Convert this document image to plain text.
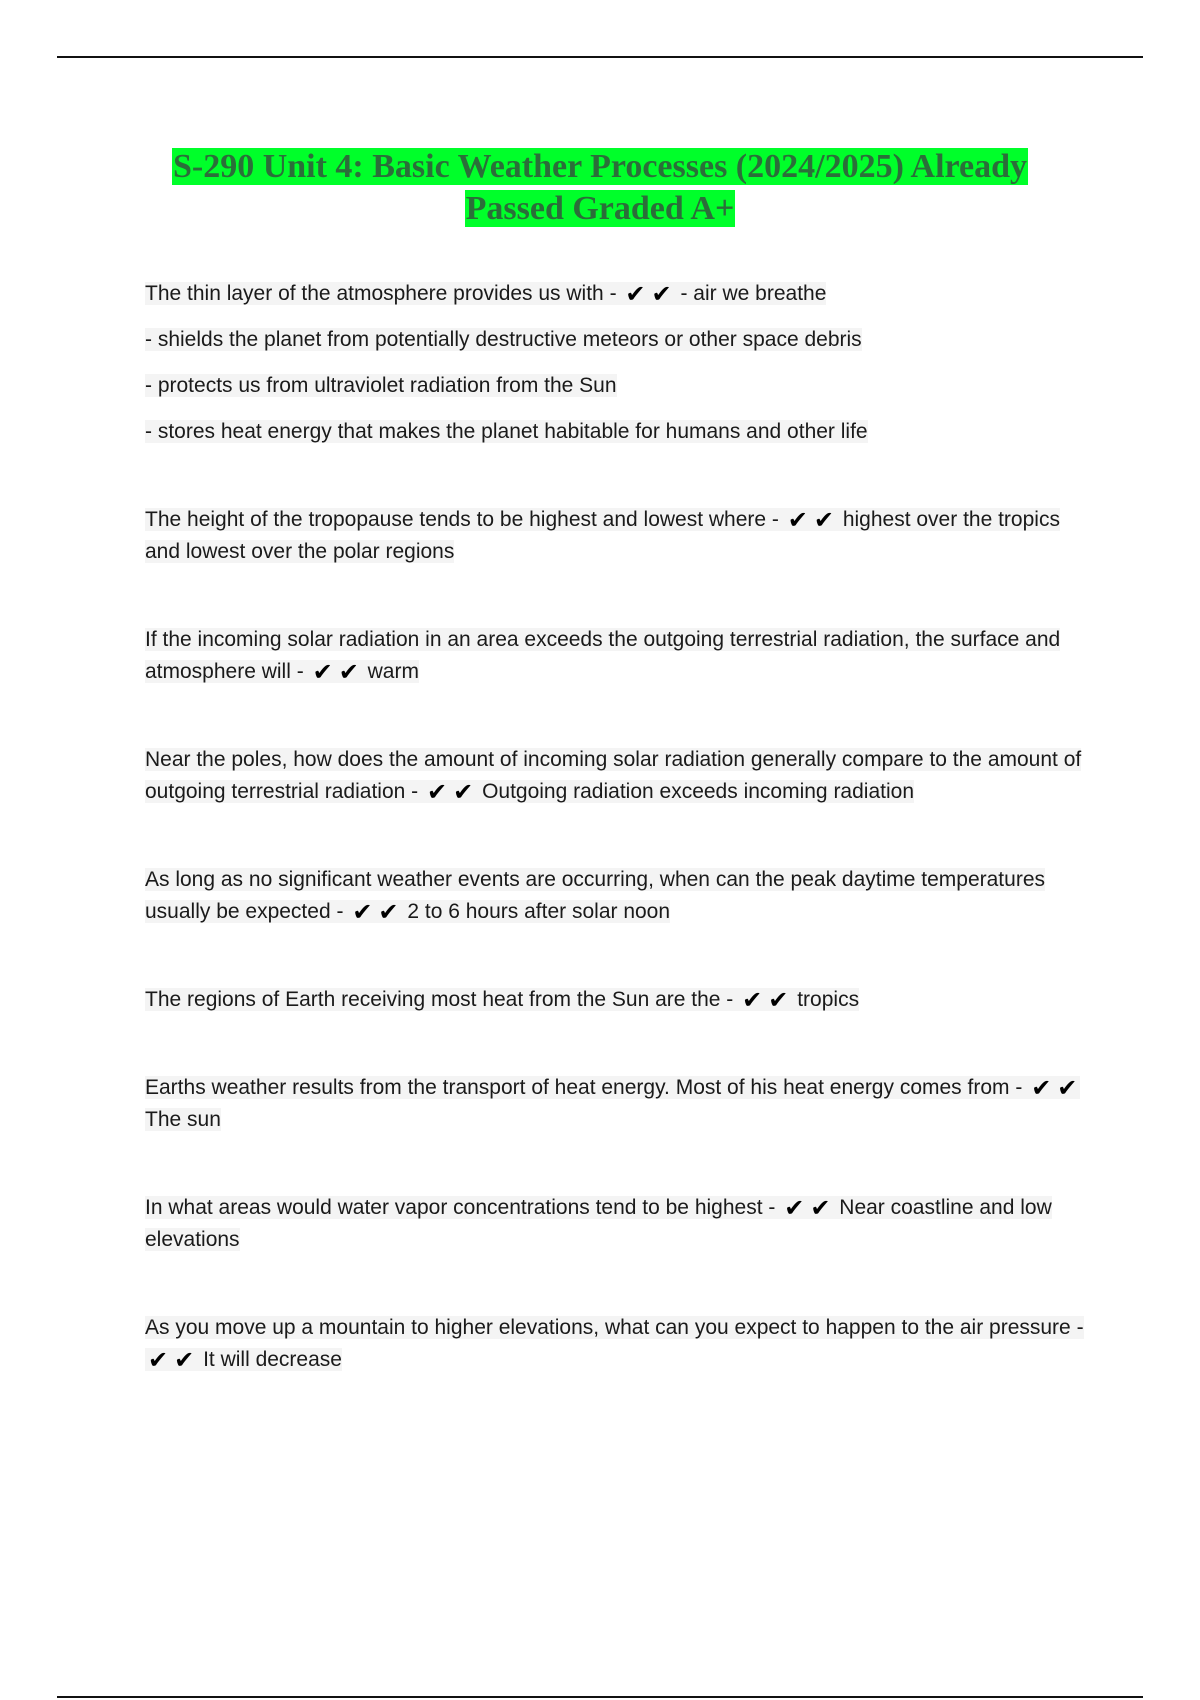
S-290 Unit 4: Basic Weather Processes (2024/2025) Already Passed Graded A+

The thin layer of the atmosphere provides us with - ✔ ✔ - air we breathe

- shields the planet from potentially destructive meteors or other space debris

- protects us from ultraviolet radiation from the Sun

- stores heat energy that makes the planet habitable for humans and other life

The height of the tropopause tends to be highest and lowest where - ✔ ✔ highest over the tropics and lowest over the polar regions

If the incoming solar radiation in an area exceeds the outgoing terrestrial radiation, the surface and atmosphere will - ✔ ✔ warm

Near the poles, how does the amount of incoming solar radiation generally compare to the amount of outgoing terrestrial radiation - ✔ ✔ Outgoing radiation exceeds incoming radiation

As long as no significant weather events are occurring, when can the peak daytime temperatures usually be expected - ✔ ✔ 2 to 6 hours after solar noon

The regions of Earth receiving most heat from the Sun are the - ✔ ✔ tropics

Earths weather results from the transport of heat energy. Most of his heat energy comes from - ✔ ✔ The sun

In what areas would water vapor concentrations tend to be highest - ✔ ✔ Near coastline and low elevations

As you move up a mountain to higher elevations, what can you expect to happen to the air pressure - ✔ ✔ It will decrease
